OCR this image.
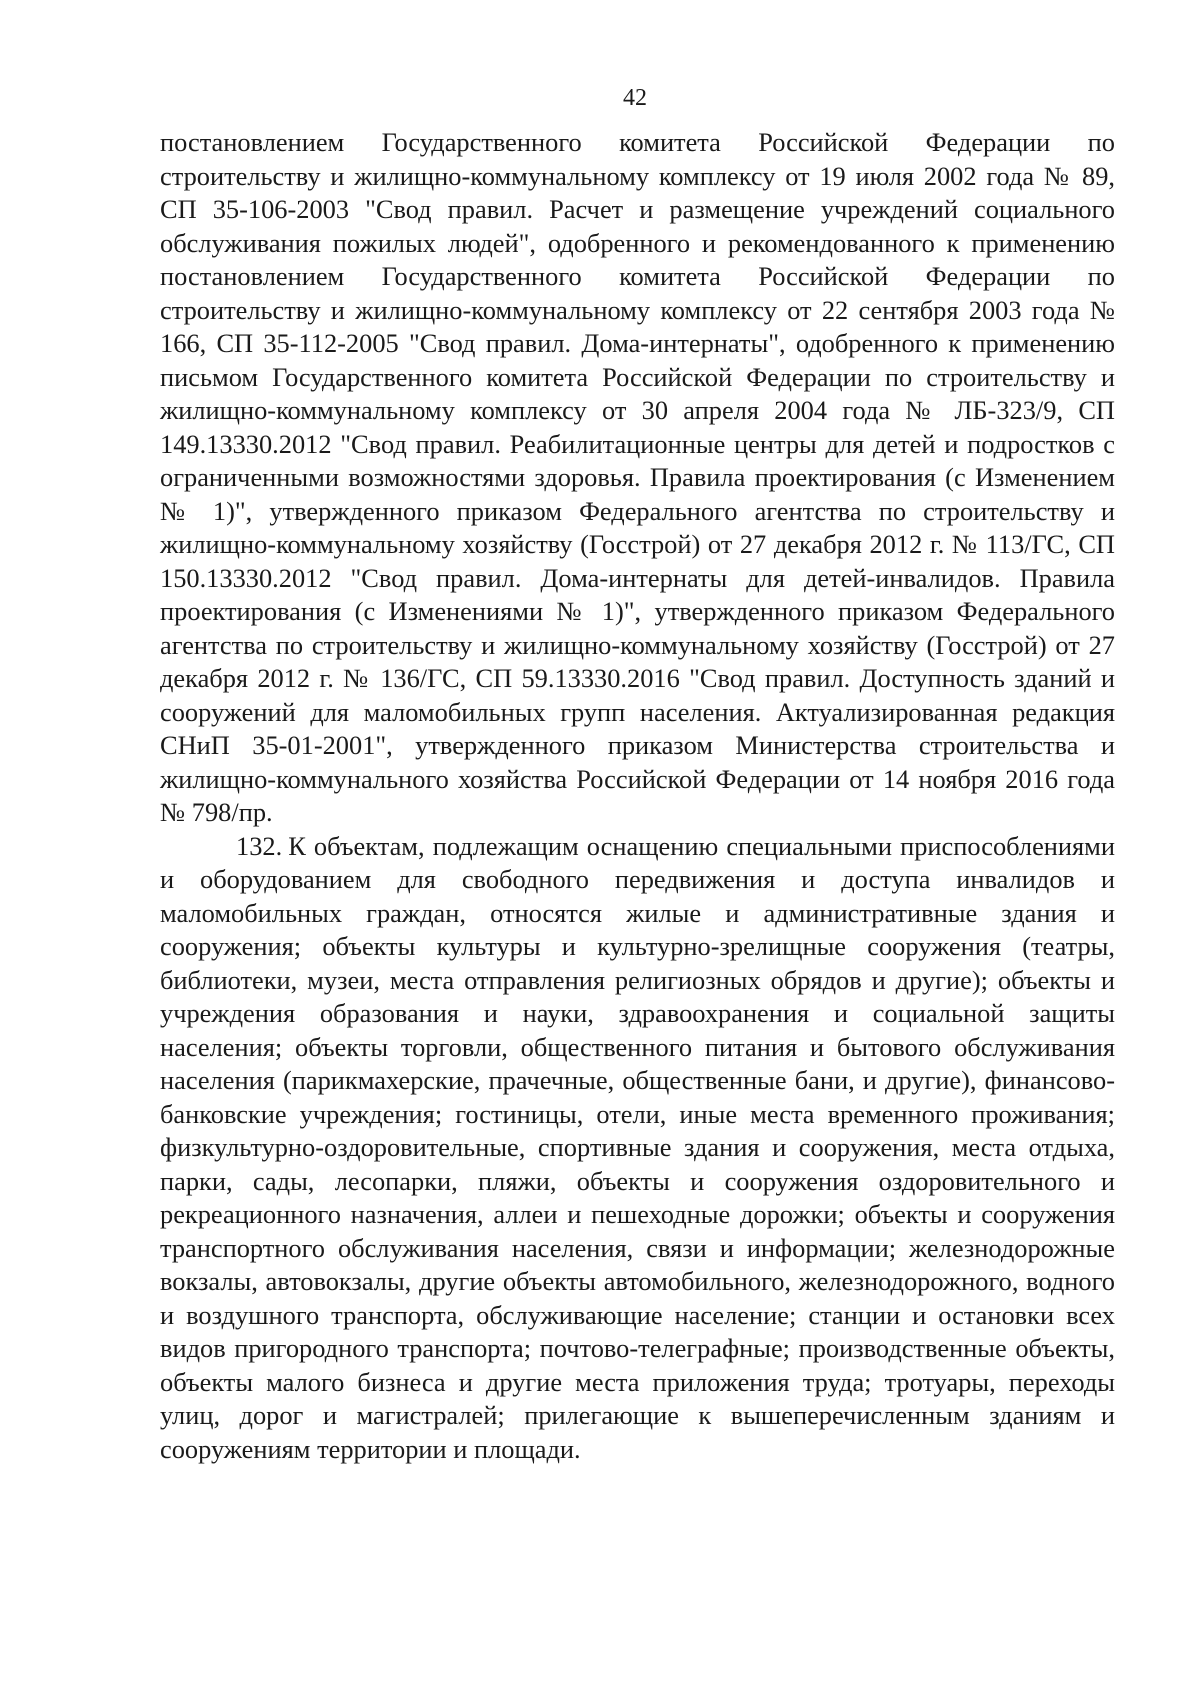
42

постановлением Государственного комитета Российской Федерации по строительству и жилищно-коммунальному комплексу от 19 июля 2002 года № 89, СП 35-106-2003 "Свод правил. Расчет и размещение учреждений социального обслуживания пожилых людей", одобренного и рекомендованного к применению постановлением Государственного комитета Российской Федерации по строительству и жилищно-коммунальному комплексу от 22 сентября 2003 года № 166, СП 35-112-2005 "Свод правил. Дома-интернаты", одобренного к применению письмом Государственного комитета Российской Федерации по строительству и жилищно-коммунальному комплексу от 30 апреля 2004 года № ЛБ-323/9, СП 149.13330.2012 "Свод правил. Реабилитационные центры для детей и подростков с ограниченными возможностями здоровья. Правила проектирования (с Изменением № 1)", утвержденного приказом Федерального агентства по строительству и жилищно-коммунальному хозяйству (Госстрой) от 27 декабря 2012 г. № 113/ГС, СП 150.13330.2012 "Свод правил. Дома-интернаты для детей-инвалидов. Правила проектирования (с Изменениями № 1)", утвержденного приказом Федерального агентства по строительству и жилищно-коммунальному хозяйству (Госстрой) от 27 декабря 2012 г. № 136/ГС, СП 59.13330.2016 "Свод правил. Доступность зданий и сооружений для маломобильных групп населения. Актуализированная редакция СНиП 35-01-2001", утвержденного приказом Министерства строительства и жилищно-коммунального хозяйства Российской Федерации от 14 ноября 2016 года № 798/пр.

132. К объектам, подлежащим оснащению специальными приспособлениями и оборудованием для свободного передвижения и доступа инвалидов и маломобильных граждан, относятся жилые и административные здания и сооружения; объекты культуры и культурно-зрелищные сооружения (театры, библиотеки, музеи, места отправления религиозных обрядов и другие); объекты и учреждения образования и науки, здравоохранения и социальной защиты населения; объекты торговли, общественного питания и бытового обслуживания населения (парикмахерские, прачечные, общественные бани, и другие), финансово-банковские учреждения; гостиницы, отели, иные места временного проживания; физкультурно-оздоровительные, спортивные здания и сооружения, места отдыха, парки, сады, лесопарки, пляжи, объекты и сооружения оздоровительного и рекреационного назначения, аллеи и пешеходные дорожки; объекты и сооружения транспортного обслуживания населения, связи и информации; железнодорожные вокзалы, автовокзалы, другие объекты автомобильного, железнодорожного, водного и воздушного транспорта, обслуживающие население; станции и остановки всех видов пригородного транспорта; почтово-телеграфные; производственные объекты, объекты малого бизнеса и другие места приложения труда; тротуары, переходы улиц, дорог и магистралей; прилегающие к вышеперечисленным зданиям и сооружениям территории и площади.
